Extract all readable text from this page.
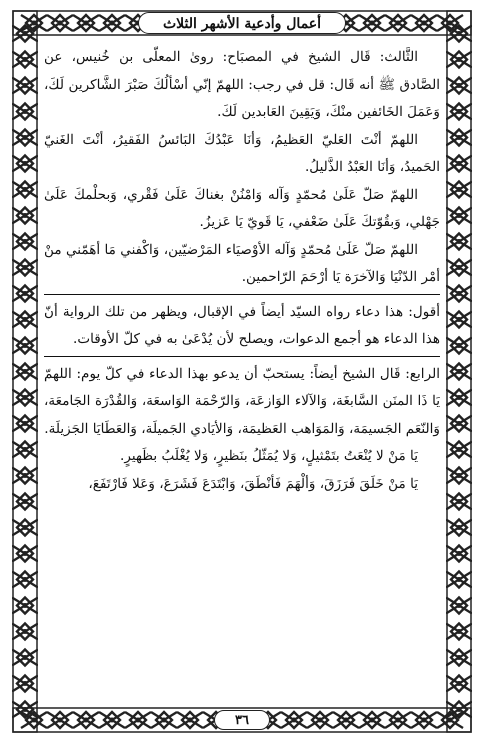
أعمال وأدعية الأشهر الثلاث

الثَّالث: قَال الشيخ في المصبَاح: روىٰ المعلّى بن خُنيس، عن الصَّادق ﷺ أنه قَال: قل في رجب: اللهمّ إنّي أسْألُكَ صَبْرَ الشَّاكرين لَكَ، وَعَمَلَ الخَائفين منْكَ، وَيَقِينَ العَابدين لَكَ.

اللهمّ أنْتَ العَليّ العَظيمُ، وَأنَا عَبْدُكَ البَائسُ الفَقيرُ، أنْتَ الغَنيّ الحَميدُ، وَأنَا العَبْدُ الذَّليلُ.

اللهمّ صَلّ عَلَىٰ مُحمّدٍ وَآله وَامْنُنْ بغناكَ عَلَىٰ فَقْري، وَبحلْمكَ عَلَىٰ جَهْلي، وَبقُوّتكَ عَلَىٰ ضَعْفي، يَا قَويّ يَا عَزيزُ.

اللهمّ صَلّ عَلَىٰ مُحمّدٍ وَآله الأوْصيَاء المَرْضيّين، وَاكْفني مَا أهَمّني منْ أمْر الدّنْيَا وَالآخرَة يَا أرْحَمَ الرّاحمين.

أقول: هذا دعاء رواه السيّد أيضاً في الإقبال، ويظهر من تلك الرواية أنّ هذا الدعاء هو أجمع الدعوات، ويصلح لأن يُدْعَىٰ به في كلّ الأوقات.

الرابع: قَال الشيخ أيضاً: يستحبّ أن يدعو بهذا الدعاء في كلّ يوم: اللهمّ يَا ذَا المنَن السَّابغَة، وَالآلاء الوَازعَة، وَالرّحْمَة الوَاسعَة، وَالقُدْرَة الجَامعَة، وَالنّعَم الجَسيمَة، وَالمَوَاهب العَظيمَة، وَالأيَادي الجَميلَة، وَالعَطَايَا الجَزيلَة.

يَا مَنْ لا يُنْعَتُ بتَمْثيلٍ، وَلا يُمَثّلُ بنَظيرٍ، وَلا يُغْلَبُ بظَهيرٍ.

يَا مَنْ خَلَقَ فَرَزَقَ، وَألْهَمَ فَأنْطَقَ، وَابْتَدَعَ فَشَرَعَ، وَعَلا فَارْتَفَعَ،

٣٦
